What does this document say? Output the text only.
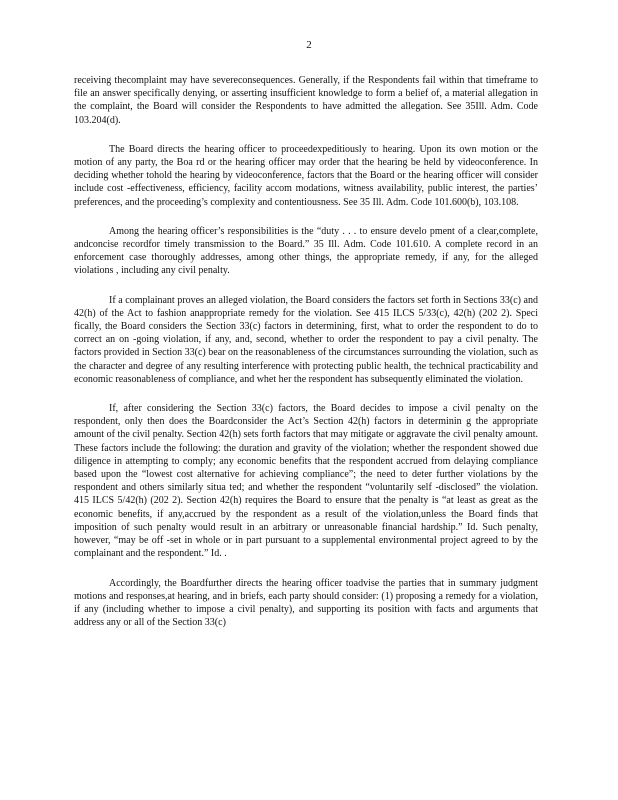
2

receiving thecomplaint may have severeconsequences. Generally, if the Respondents fail within that timeframe to file an answer specifically denying, or asserting insufficient knowledge to form a belief of, a material allegation in the complaint, the Board will consider the Respondents to have admitted the allegation. See 35Ill. Adm. Code 103.204(d).

The Board directs the hearing officer to proceedexpeditiously to hearing. Upon its own motion or the motion of any party, the Boa rd or the hearing officer may order that the hearing be held by videoconference. In deciding whether tohold the hearing by videoconference, factors that the Board or the hearing officer will consider include cost -effectiveness, efficiency, facility accom modations, witness availability, public interest, the parties’ preferences, and the proceeding’s complexity and contentiousness. See 35 Ill. Adm. Code 101.600(b), 103.108.

Among the hearing officer’s responsibilities is the “duty . . . to ensure develo pment of a clear,complete, andconcise recordfor timely transmission to the Board.” 35 Ill. Adm. Code 101.610. A complete record in an enforcement case thoroughly addresses, among other things, the appropriate remedy, if any, for the alleged violations , including any civil penalty.

If a complainant proves an alleged violation, the Board considers the factors set forth in Sections 33(c) and 42(h) of the Act to fashion anappropriate remedy for the violation. See 415 ILCS 5/33(c), 42(h) (202 2). Speci fically, the Board considers the Section 33(c) factors in determining, first, what to order the respondent to do to correct an on -going violation, if any, and, second, whether to order the respondent to pay a civil penalty. The factors provided in Section 33(c) bear on the reasonableness of the circumstances surrounding the violation, such as the character and degree of any resulting interference with protecting public health, the technical practicability and economic reasonableness of compliance, and whet her the respondent has subsequently eliminated the violation.

If, after considering the Section 33(c) factors, the Board decides to impose a civil penalty on the respondent, only then does the Boardconsider the Act’s Section 42(h) factors in determinin g the appropriate amount of the civil penalty. Section 42(h) sets forth factors that may mitigate or aggravate the civil penalty amount. These factors include the following: the duration and gravity of the violation; whether the respondent showed due diligence in attempting to comply; any economic benefits that the respondent accrued from delaying compliance based upon the “lowest cost alternative for achieving compliance”; the need to deter further violations by the respondent and others similarly situa ted; and whether the respondent “voluntarily self -disclosed” the violation. 415 ILCS 5/42(h) (202 2). Section 42(h) requires the Board to ensure that the penalty is “at least as great as the economic benefits, if any,accrued by the respondent as a result of the violation,unless the Board finds that imposition of such penalty would result in an arbitrary or unreasonable financial hardship.” Id. Such penalty, however, “may be off -set in whole or in part pursuant to a supplemental environmental project agreed to by the complainant and the respondent.” Id. .

Accordingly, the Boardfurther directs the hearing officer toadvise the parties that in summary judgment motions and responses,at hearing, and in briefs, each party should consider: (1) proposing a remedy for a violation, if any (including whether to impose a civil penalty), and supporting its position with facts and arguments that address any or all of the Section 33(c)
